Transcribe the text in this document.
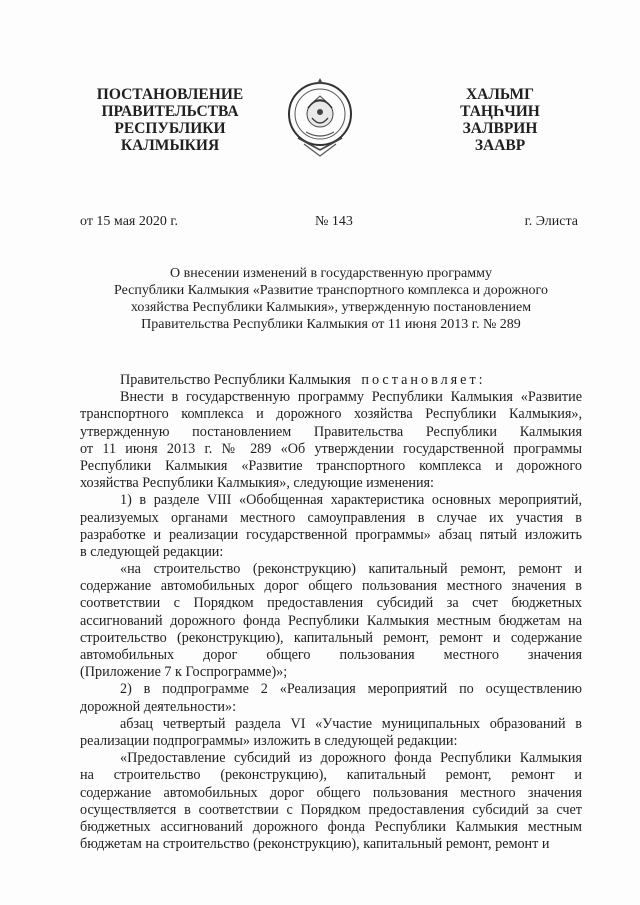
ПОСТАНОВЛЕНИЕ
ПРАВИТЕЛЬСТВА
РЕСПУБЛИКИ
КАЛМЫКИЯ
ХАЛЬМГ
ТАҢҺЧИН
ЗАЛВРИН
ЗААВР
от 15 мая 2020 г.	№ 143	г. Элиста
О внесении изменений в государственную программу
Республики Калмыкия «Развитие транспортного комплекса и дорожного
хозяйства Республики Калмыкия», утвержденную постановлением
Правительства Республики Калмыкия от 11 июня 2013 г. № 289
Правительство Республики Калмыкия постановляет:
Внести в государственную программу Республики Калмыкия «Развитие
транспортного комплекса и дорожного хозяйства Республики Калмыкия»,
утвержденную постановлением Правительства Республики Калмыкия
от 11 июня 2013 г. № 289 «Об утверждении государственной программы
Республики Калмыкия «Развитие транспортного комплекса и дорожного
хозяйства Республики Калмыкия», следующие изменения:
1) в разделе VIII «Обобщенная характеристика основных мероприятий,
реализуемых органами местного самоуправления в случае их участия в
разработке и реализации государственной программы» абзац пятый изложить
в следующей редакции:
«на строительство (реконструкцию) капитальный ремонт, ремонт и
содержание автомобильных дорог общего пользования местного значения в
соответствии с Порядком предоставления субсидий за счет бюджетных
ассигнований дорожного фонда Республики Калмыкия местным бюджетам на
строительство (реконструкцию), капитальный ремонт, ремонт и содержание
автомобильных дорог общего пользования местного значения
(Приложение 7 к Госпрограмме)»;
2) в подпрограмме 2 «Реализация мероприятий по осуществлению
дорожной деятельности»:
абзац четвертый раздела VI «Участие муниципальных образований в
реализации подпрограммы» изложить в следующей редакции:
«Предоставление субсидий из дорожного фонда Республики Калмыкия
на строительство (реконструкцию), капитальный ремонт, ремонт и
содержание автомобильных дорог общего пользования местного значения
осуществляется в соответствии с Порядком предоставления субсидий за счет
бюджетных ассигнований дорожного фонда Республики Калмыкия местным
бюджетам на строительство (реконструкцию), капитальный ремонт, ремонт и
